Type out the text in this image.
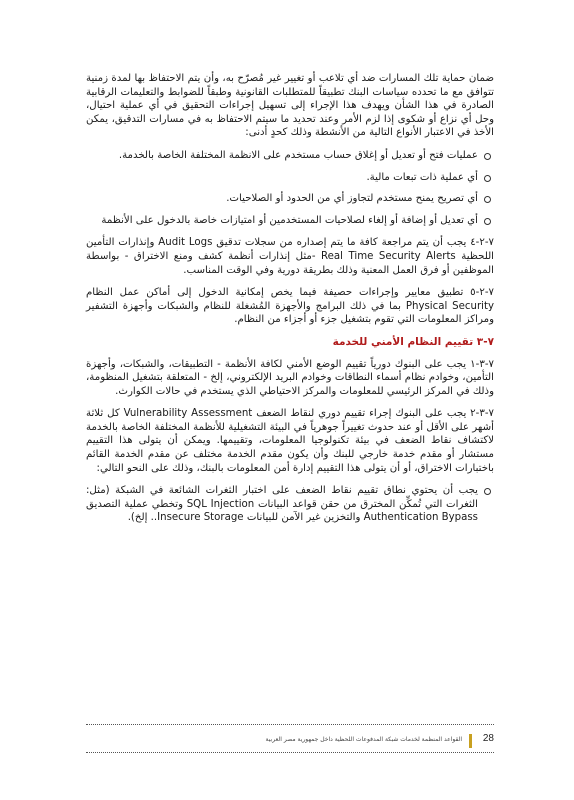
ضمان حماية تلك المسارات ضد أي تلاعب أو تغيير غير مُصرّح به، وأن يتم الاحتفاظ بها لمدة زمنية تتوافق مع ما تحدده سياسات البنك تطبيقاً للمتطلبات القانونية وطبقاً للضوابط والتعليمات الرقابية الصادرة في هذا الشأن ويهدف هذا الإجراء إلى تسهيل إجراءات التحقيق في أي عملية احتيال، وحل أي نزاع أو شكوى إذا لزم الأمر وعند تحديد ما سيتم الاحتفاظ به في مسارات التدقيق، يمكن الأخذ في الاعتبار الأنواع التالية من الأنشطة وذلك كحدٍ أدنى:

عمليات فتح أو تعديل أو إغلاق حساب مستخدم على الانظمة المختلفة الخاصة بالخدمة.
أي عملية ذات تبعات مالية.
أي تصريح يمنح مستخدم لتجاوز أي من الحدود أو الصلاحيات.
أي تعديل أو إضافة أو إلغاء لصلاحيات المستخدمين أو امتيازات خاصة بالدخول على الأنظمة

٧-٢-٤ يجب أن يتم مراجعة كافة ما يتم إصداره من سجلات تدقيق Audit Logs وإنذارات التأمين اللحظية Real Time Security Alerts -مثل إنذارات أنظمة كشف ومنع الاختراق - بواسطة الموظفين أو فرق العمل المعنية وذلك بطريقة دورية وفي الوقت المناسب.

٧-٢-٥ تطبيق معايير وإجراءات حصيفة فيما يخص إمكانية الدخول إلى أماكن عمل النظام Physical Security بما في ذلك البرامج والأجهزة المُشغلة للنظام والشبكات وأجهزة التشفير ومراكز المعلومات التي تقوم بتشغيل جزء أو أجزاء من النظام.

٧-٣ تقييم النظام الأمني للخدمة

٧-٣-١ يجب على البنوك دورياً تقييم الوضع الأمني لكافة الأنظمة - التطبيقات، والشبكات، وأجهزة التأمين، وخوادم نظام أسماء النطاقات وخوادم البريد الإلكتروني، إلخ - المتعلقة بتشغيل المنظومة، وذلك في المركز الرئيسي للمعلومات والمركز الاحتياطي الذي يستخدم في حالات الكوارث.

٧-٣-٢ يجب على البنوك إجراء تقييم دوري لنقاط الضعف Vulnerability Assessment كل ثلاثة أشهر على الأقل أو عند حدوث تغييراً جوهرياً في البيئة التشغيلية للأنظمة المختلفة الخاصة بالخدمة لاكتشاف نقاط الضعف في بيئة تكنولوجيا المعلومات، وتقييمها. ويمكن أن يتولى هذا التقييم مستشار أو مقدم خدمة خارجي للبنك وأن يكون مقدم الخدمة مختلف عن مقدم الخدمة القائم باختبارات الاختراق، أو أن يتولى هذا التقييم إدارة أمن المعلومات بالبنك، وذلك على النحو التالي:

يجب أن يحتوي نطاق تقييم نقاط الضعف على اختبار الثغرات الشائعة في الشبكة (مثل: الثغرات التي تُمكِّن المخترق من حقن قواعد البيانات SQL Injection وتخطي عملية التصديق Authentication Bypass والتخزين غير الآمن للبيانات Insecure Storage.. إلخ).
28
القواعد المنظمة لخدمات شبكة المدفوعات اللحظية داخل جمهورية مصر العربية
